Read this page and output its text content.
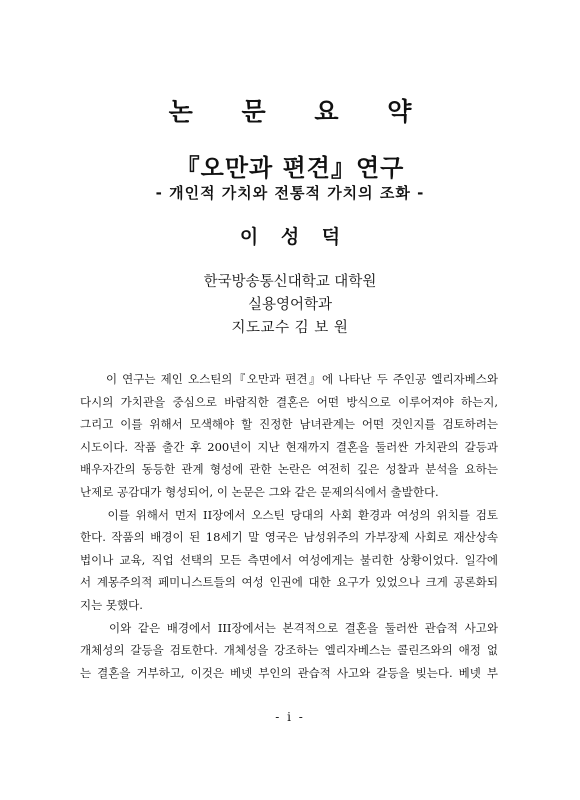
논 문 요 약
『오만과 편견』연구
- 개인적 가치와 전통적 가치의 조화 -
이 성 덕
한국방송통신대학교 대학원
실용영어학과
지도교수 김 보 원
　　이 연구는 제인 오스틴의『오만과 편견』에 나타난 두 주인공 엘리자베스와
다시의 가치관을 중심으로 바람직한 결혼은 어떤 방식으로 이루어져야 하는지,
그리고 이를 위해서 모색해야 할 진정한 남녀관계는 어떤 것인지를 검토하려는
시도이다. 작품 출간 후 200년이 지난 현재까지 결혼을 둘러싼 가치관의 갈등과
배우자간의 동등한 관계 형성에 관한 논란은 여전히 깊은 성찰과 분석을 요하는
난제로 공감대가 형성되어, 이 논문은 그와 같은 문제의식에서 출발한다.
　　이를 위해서 먼저 II장에서 오스틴 당대의 사회 환경과 여성의 위치를 검토
한다. 작품의 배경이 된 18세기 말 영국은 남성위주의 가부장제 사회로 재산상속
법이나 교육, 직업 선택의 모든 측면에서 여성에게는 불리한 상황이었다. 일각에
서 계몽주의적 페미니스트들의 여성 인권에 대한 요구가 있었으나 크게 공론화되
지는 못했다.
　　이와 같은 배경에서 III장에서는 본격적으로 결혼을 둘러싼 관습적 사고와
개체성의 갈등을 검토한다. 개체성을 강조하는 엘리자베스는 콜린즈와의 애정 없
는 결혼을 거부하고, 이것은 베넷 부인의 관습적 사고와 갈등을 빚는다. 베넷 부
- i -
